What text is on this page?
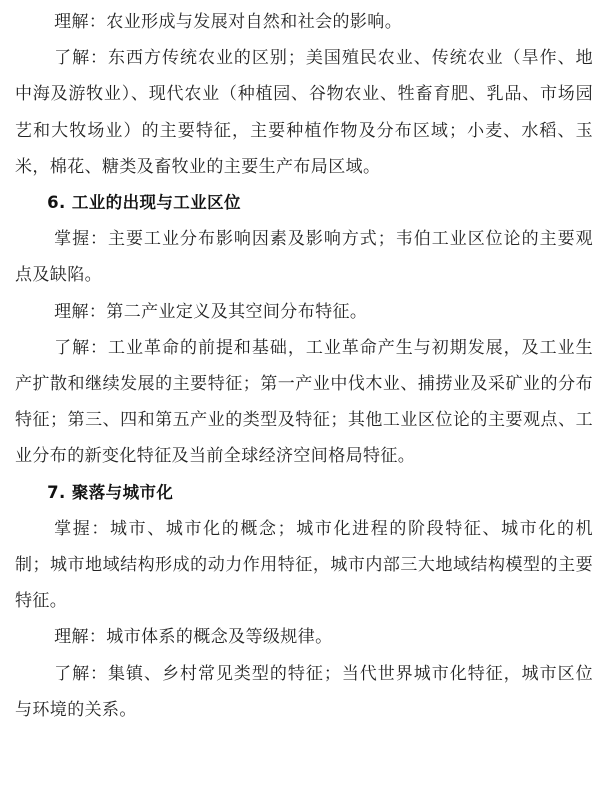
理解：农业形成与发展对自然和社会的影响。

了解：东西方传统农业的区别；美国殖民农业、传统农业（旱作、地中海及游牧业）、现代农业（种植园、谷物农业、牲畜育肥、乳品、市场园艺和大牧场业）的主要特征，主要种植作物及分布区域；小麦、水稻、玉米，棉花、糖类及畜牧业的主要生产布局区域。

6. 工业的出现与工业区位

掌握：主要工业分布影响因素及影响方式；韦伯工业区位论的主要观点及缺陷。

理解：第二产业定义及其空间分布特征。

了解：工业革命的前提和基础，工业革命产生与初期发展，及工业生产扩散和继续发展的主要特征；第一产业中伐木业、捕捞业及采矿业的分布特征；第三、四和第五产业的类型及特征；其他工业区位论的主要观点、工业分布的新变化特征及当前全球经济空间格局特征。

7. 聚落与城市化

掌握：城市、城市化的概念；城市化进程的阶段特征、城市化的机制；城市地域结构形成的动力作用特征，城市内部三大地域结构模型的主要特征。

理解：城市体系的概念及等级规律。

了解：集镇、乡村常见类型的特征；当代世界城市化特征，城市区位与环境的关系。
